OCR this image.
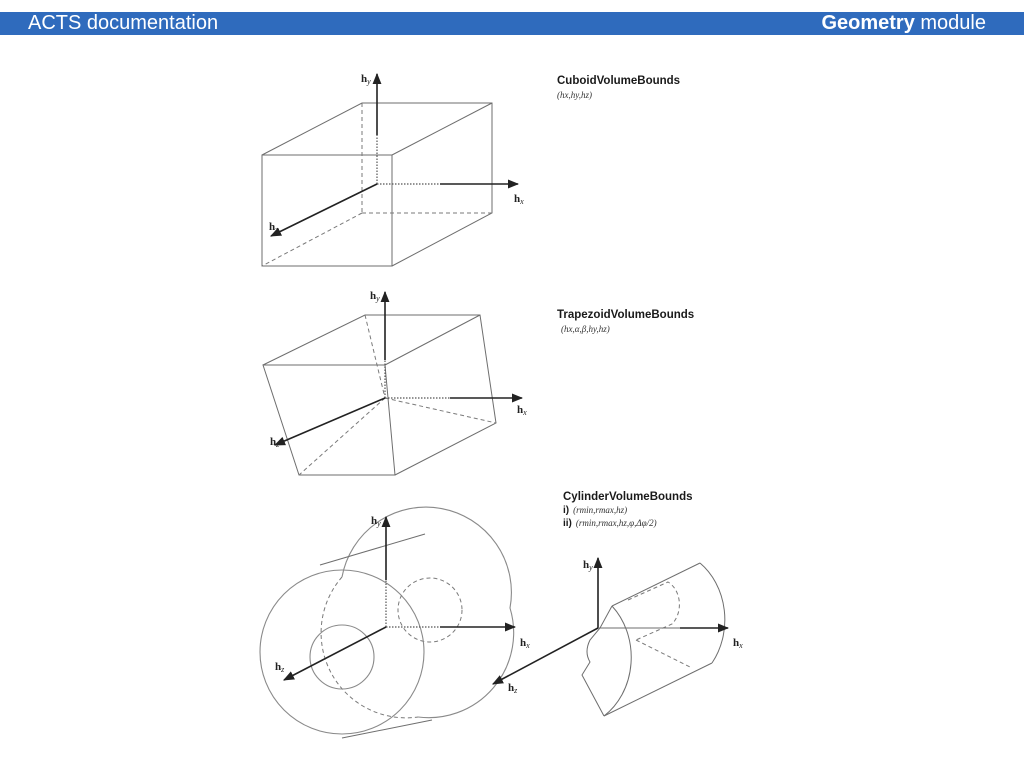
ACTS documentation	Geometry module
hy
hx
hz
hy
hx
hz
hy
hx
hz
hy
hx
hz
CuboidVolumeBounds
(hx,hy,hz)
TrapezoidVolumeBounds
(hx,α,β,hy,hz)
CylinderVolumeBounds
i) (rmin,rmax,hz)
ii) (rmin,rmax,hz,φ,Δφ/2)
